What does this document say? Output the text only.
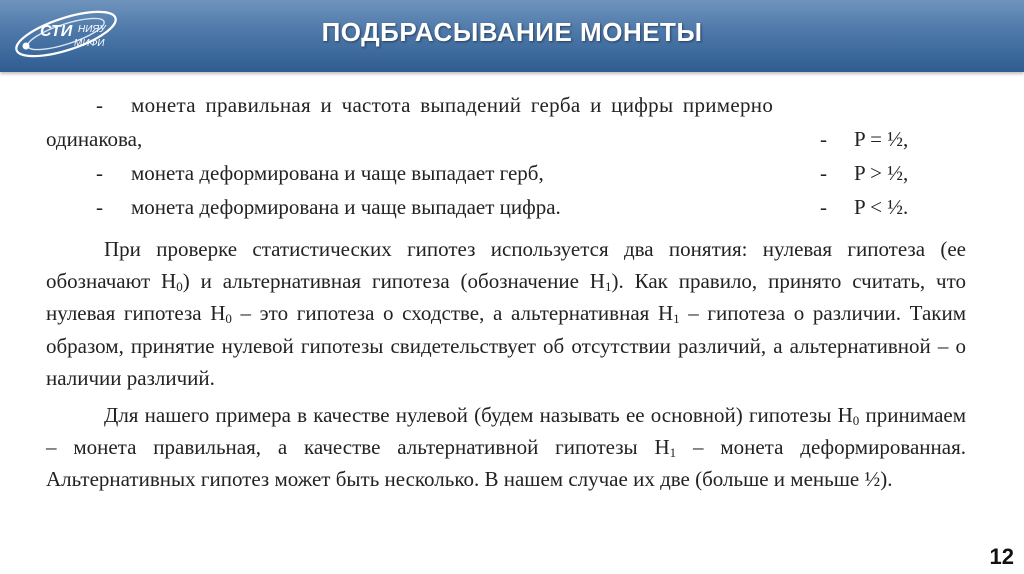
СТИ НИЯУ
МИФИ	ПОДБРАСЫВАНИЕ МОНЕТЫ
- монета правильная и частота выпадений герба и цифры примерно
одинакова,	- P = ½,
- монета деформирована и чаще выпадает герб,	- P > ½,
- монета деформирована и чаще выпадает цифра.	- P < ½.

При проверке статистических гипотез используется два понятия: нулевая гипотеза (ее обозначают $H_0$) и альтернативная гипотеза (обозначение $H_1$). Как правило, принято считать, что нулевая гипотеза $H_0$ – это гипотеза о сходстве, а альтернативная $H_1$ – гипотеза о различии. Таким образом, принятие нулевой гипотезы свидетельствует об отсутствии различий, а альтернативной – о наличии различий.

Для нашего примера в качестве нулевой (будем называть ее основной) гипотезы $H_0$ принимаем – монета правильная, а качестве альтернативной гипотезы $H_1$ – монета деформированная. Альтернативных гипотез может быть несколько. В нашем случае их две (больше и меньше ½).

12
